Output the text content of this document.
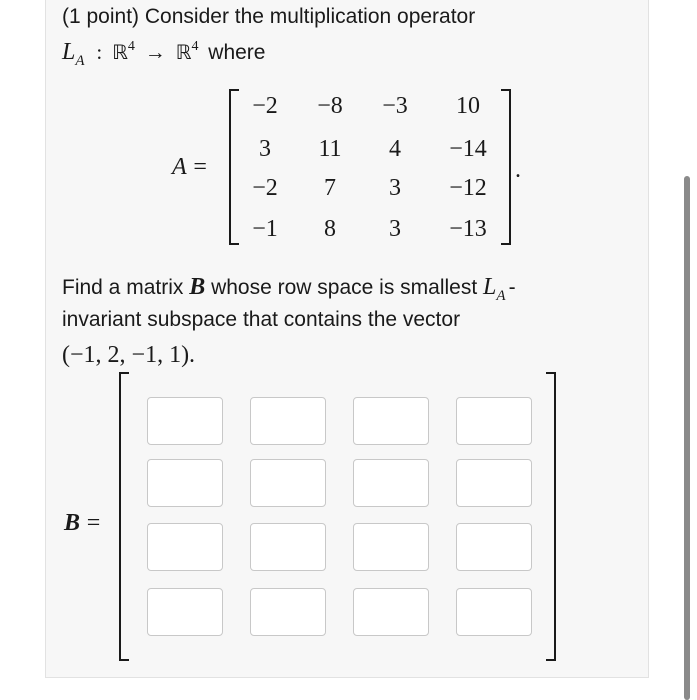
(1 point) Consider the multiplication operator
$L_A$ : ℝ$^4$ → ℝ$^4$ where
A =
−2	−8	−3	10
3	11	4	−14
−2	7	3	−12
−1	8	3	−13
.
Find a matrix B whose row space is smallest $L_A$ -
invariant subspace that contains the vector
(−1, 2, −1, 1).
B =
